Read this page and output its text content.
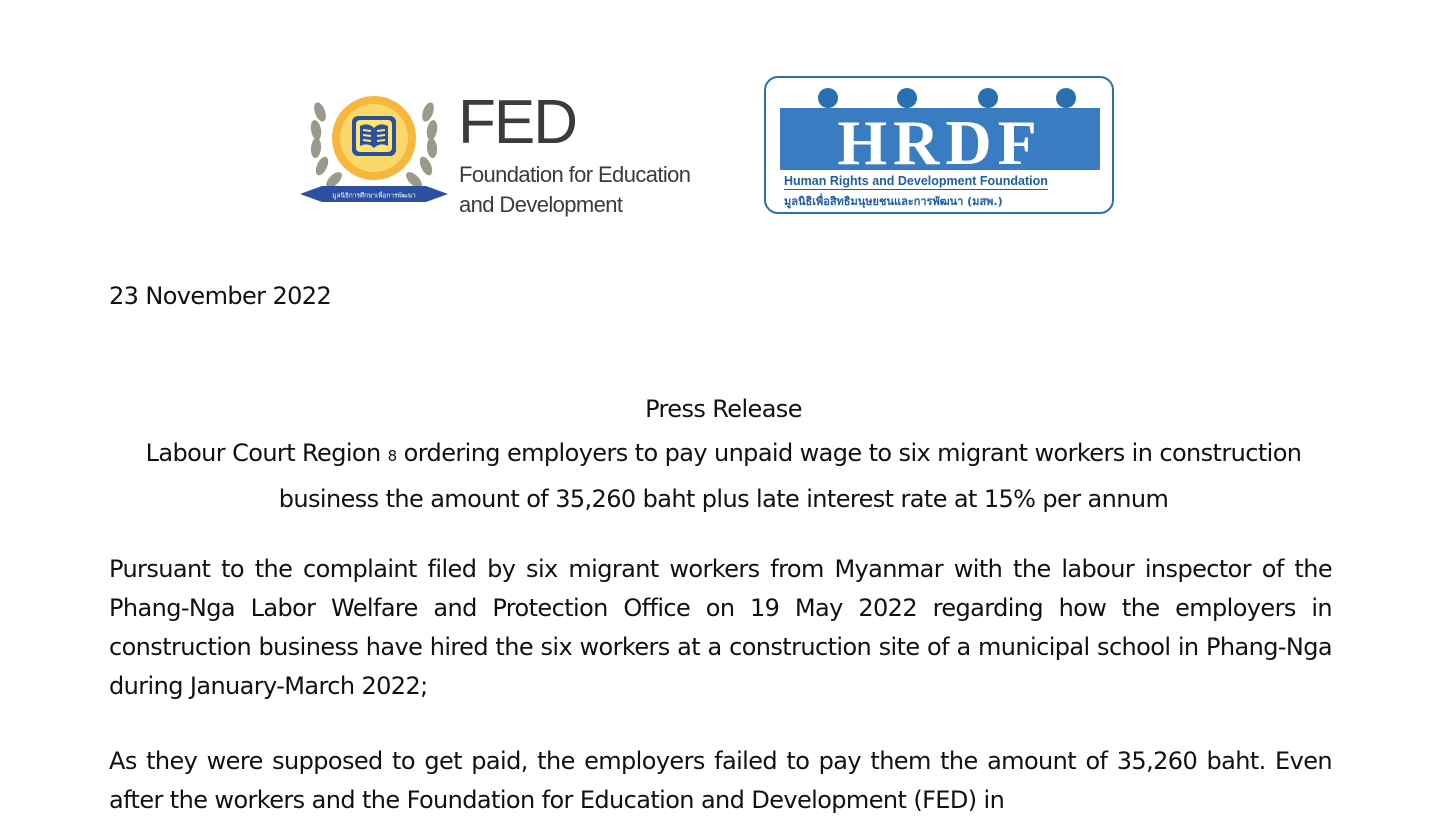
มูลนิธิการศึกษาเพื่อการพัฒนา
FED
Foundation for Education
and Development
HRDF
Human Rights and Development Foundation
มูลนิธิเพื่อสิทธิมนุษยชนและการพัฒนา (มสพ.)
23 November 2022
Press Release
Labour Court Region 8 ordering employers to pay unpaid wage to six migrant workers in construction business the amount of 35,260 baht plus late interest rate at 15% per annum
Pursuant to the complaint filed by six migrant workers from Myanmar with the labour inspector of the Phang-Nga Labor Welfare and Protection Office on 19 May 2022 regarding how the employers in construction business have hired the six workers at a construction site of a municipal school in Phang-Nga during January-March 2022;
As they were supposed to get paid, the employers failed to pay them the amount of 35,260 baht. Even after the workers and the Foundation for Education and Development (FED) in
